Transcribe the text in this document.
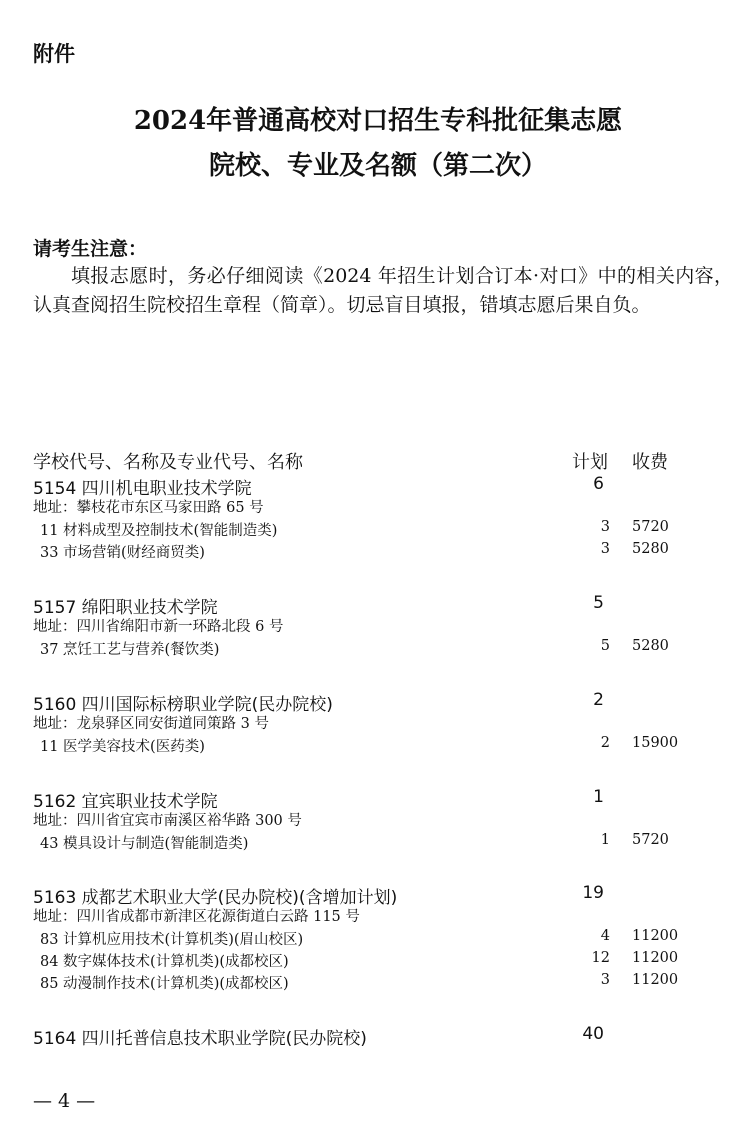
附件
2024年普通高校对口招生专科批征集志愿
院校、专业及名额（第二次）
请考生注意：
填报志愿时，务必仔细阅读《2024 年招生计划合订本·对口》中的相关内容，认真查阅招生院校招生章程（简章）。切忌盲目填报，错填志愿后果自负。
学校代号、名称及专业代号、名称	计划 收费
5154 四川机电职业技术学院	6
地址：攀枝花市东区马家田路 65 号
11 材料成型及控制技术(智能制造类)	3 5720
33 市场营销(财经商贸类)	3 5280
5157 绵阳职业技术学院	5
地址：四川省绵阳市新一环路北段 6 号
37 烹饪工艺与营养(餐饮类)	5 5280
5160 四川国际标榜职业学院(民办院校)	2
地址：龙泉驿区同安街道同策路 3 号
11 医学美容技术(医药类)	2 15900
5162 宜宾职业技术学院	1
地址：四川省宜宾市南溪区裕华路 300 号
43 模具设计与制造(智能制造类)	1 5720
5163 成都艺术职业大学(民办院校)(含增加计划)	19
地址：四川省成都市新津区花源街道白云路 115 号
83 计算机应用技术(计算机类)(眉山校区)	4 11200
84 数字媒体技术(计算机类)(成都校区)	12 11200
85 动漫制作技术(计算机类)(成都校区)	3 11200
5164 四川托普信息技术职业学院(民办院校)	40
— 4 —
